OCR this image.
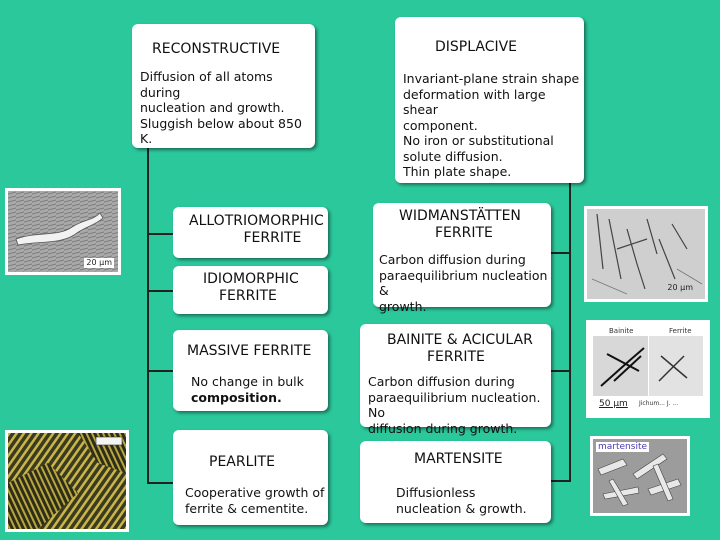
RECONSTRUCTIVE
Diffusion of all atoms during
nucleation and growth.
Sluggish below about 850 K.
DISPLACIVE
Invariant-plane strain shape
deformation with large shear
component.
No iron or substitutional
solute diffusion.
Thin plate shape.
ALLOTRIOMORPHIC
FERRITE
IDIOMORPHIC
FERRITE
MASSIVE FERRITE
No change in bulk
composition.
PEARLITE
Cooperative growth of
ferrite & cementite.
WIDMANSTÄTTEN
FERRITE
Carbon diffusion during
paraequilibrium nucleation &
growth.
BAINITE & ACICULAR
FERRITE
Carbon diffusion during
paraequilibrium nucleation. No
diffusion during growth.
MARTENSITE
Diffusionless
nucleation & growth.
20 µm
20 µm
Bainite	Ferrite
50 µm	Jichum... J. ...
martensite
